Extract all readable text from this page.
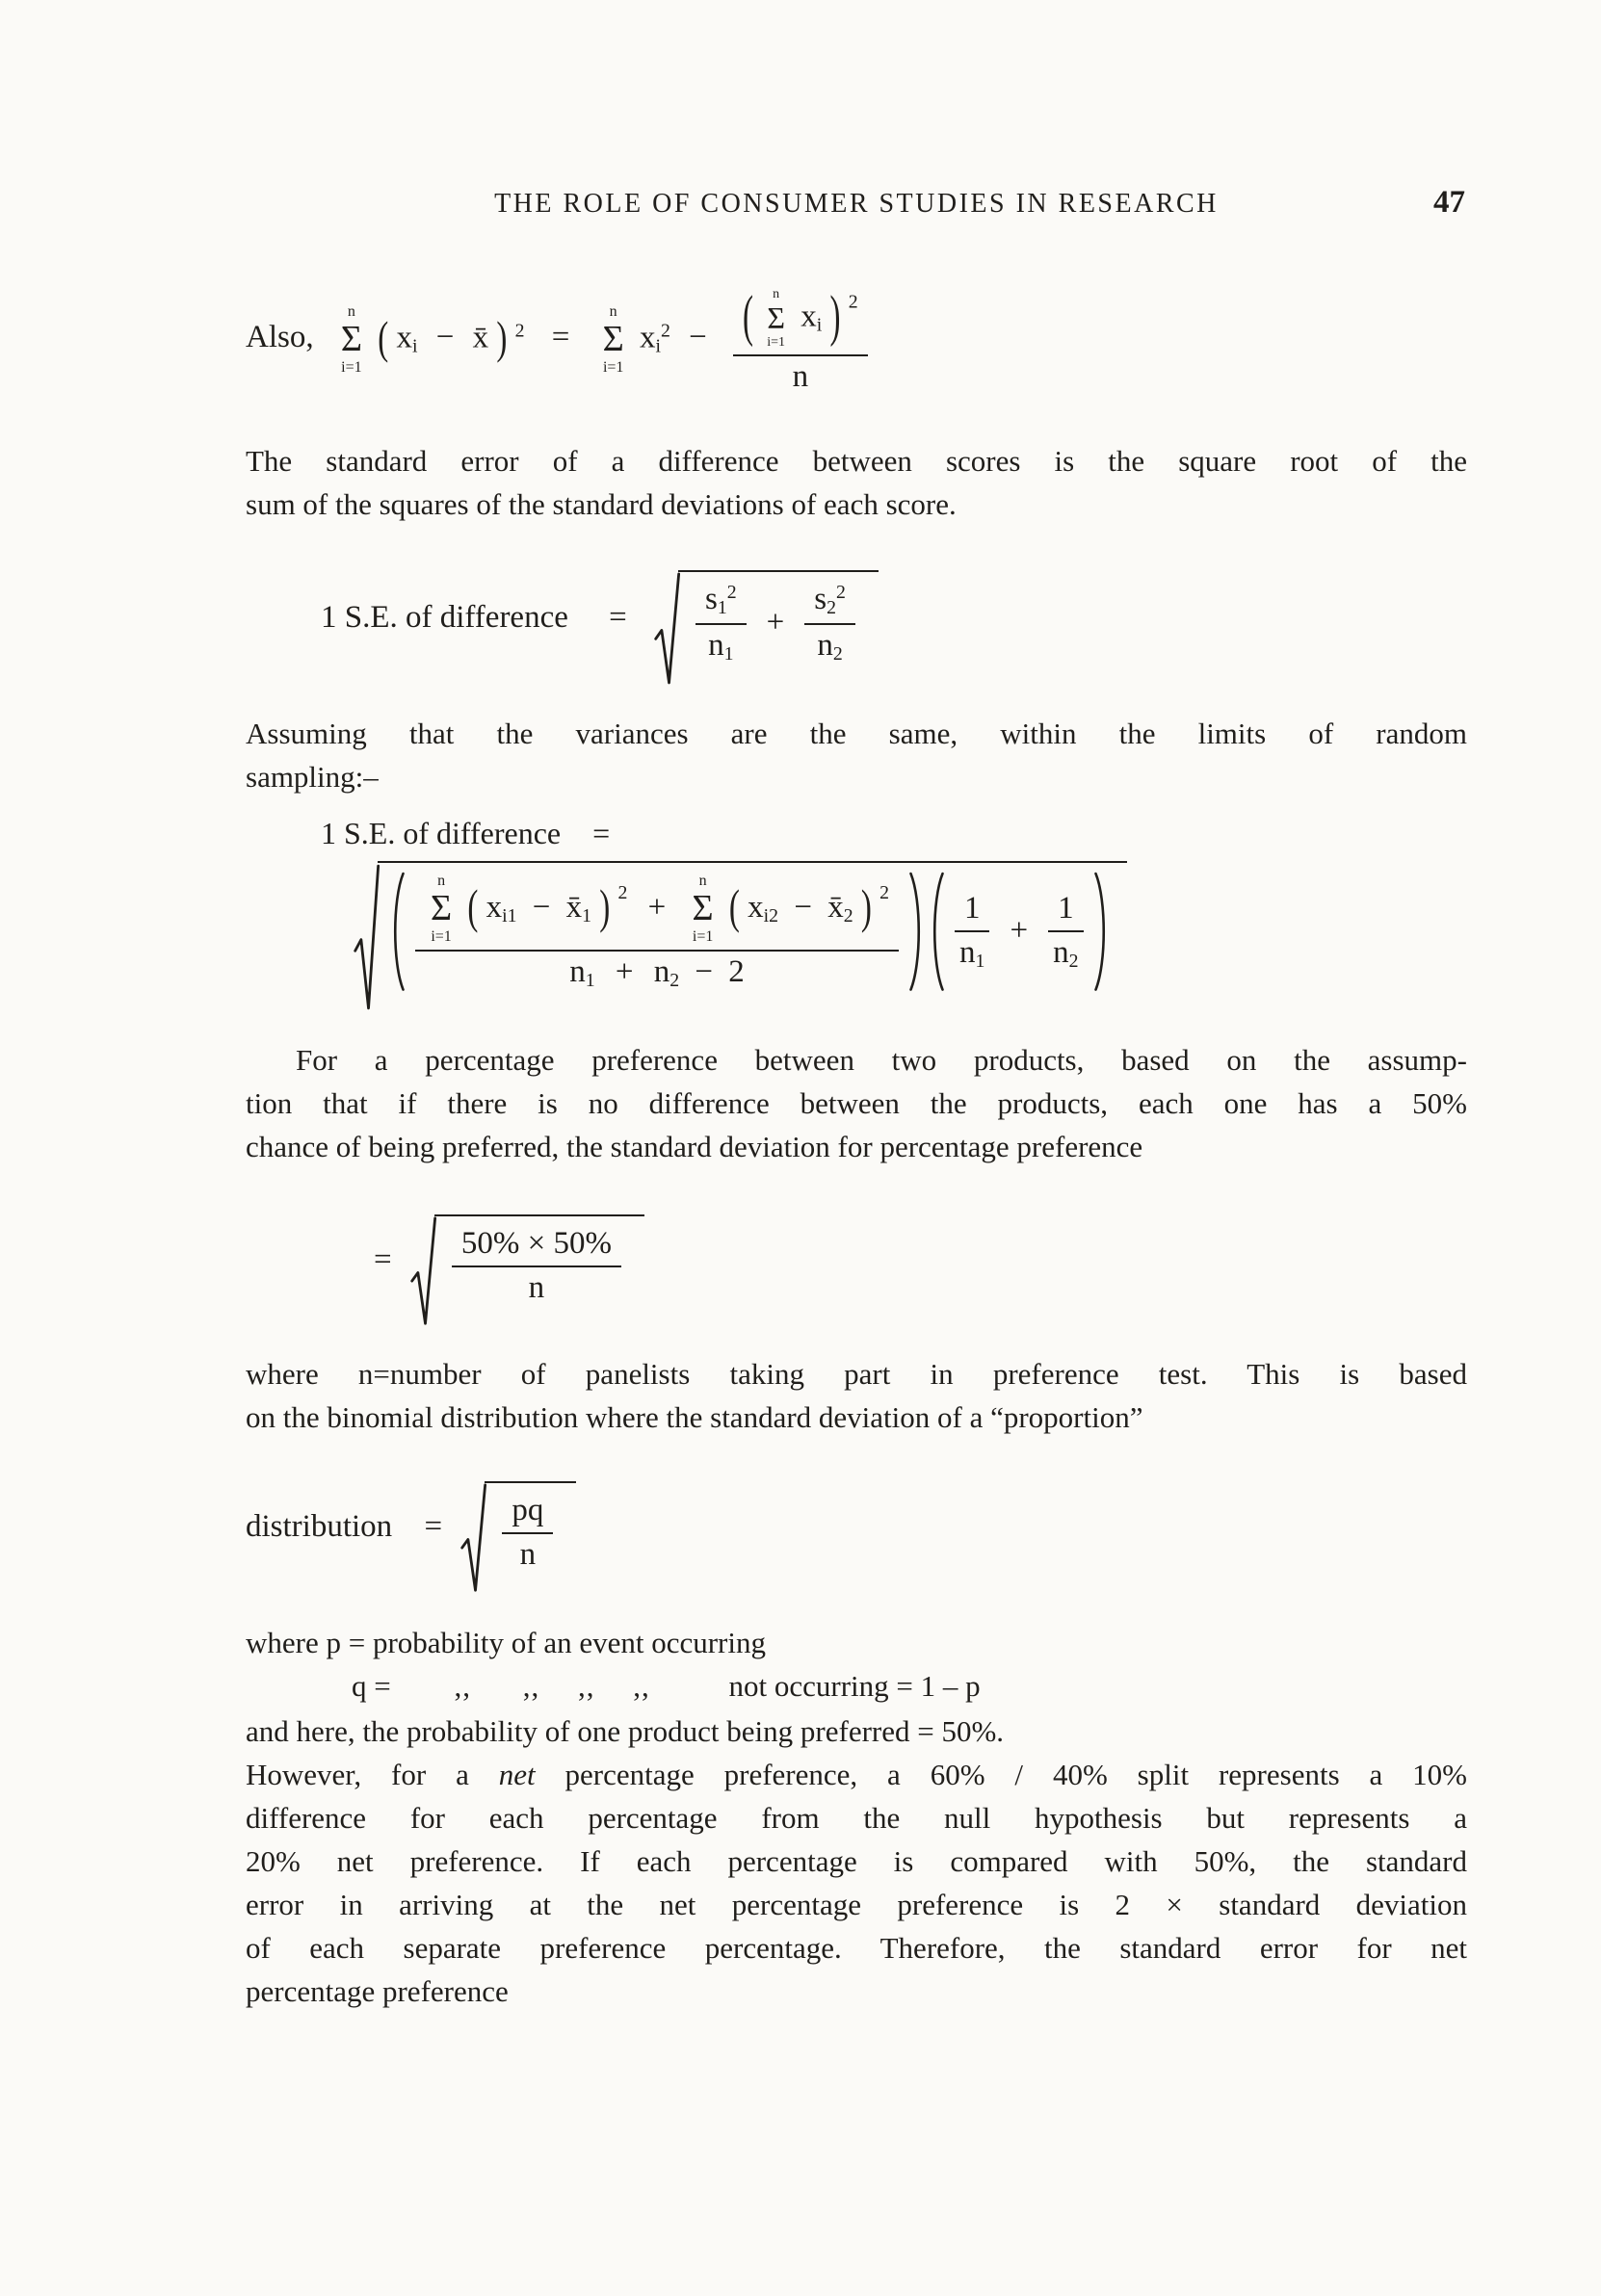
THE ROLE OF CONSUMER STUDIES IN RESEARCH	47
Also,
n
Σ
i=1
( xi − x̄ ) $^2$ =
n
Σ
i=1
$xi^2$ −	( n
Σ
i=1
xi ) $^2$
n
The standard error of a difference between scores is the square root of the
sum of the squares of the standard deviations of each score.
1 S.E. of difference = $\frac{s1^2}{n1} + \frac{s2^2}{n2}$
Assuming that the variances are the same, within the limits of random
sampling:–
1 S.E. of difference =
n
Σ
i=1
( xi1 − x̄1 ) $^2$ +
n
Σ
i=1
( xi2 − x̄2 ) $^2$
n1 + n2 − 2	$\frac{1}{n1} + \frac{1}{n2}$
For a percentage preference between two products, based on the assump-
tion that if there is no difference between the products, each one has a 50%
chance of being preferred, the standard deviation for percentage preference
= $\frac{50\% \times 50\%}{n}$
where n=number of panelists taking part in preference test. This is based
on the binomial distribution where the standard deviation of a “proportion”
distribution = $\frac{pq}{n}$
where p = probability of an event occurring
q = ,, ,, ,, ,,	not occurring = 1 – p
and here, the probability of one product being preferred = 50%.
However, for a net percentage preference, a 60% / 40% split represents a 10%
difference for each percentage from the null hypothesis but represents a
20% net preference. If each percentage is compared with 50%, the standard
error in arriving at the net percentage preference is 2 × standard deviation
of each separate preference percentage. Therefore, the standard error for net
percentage preference
